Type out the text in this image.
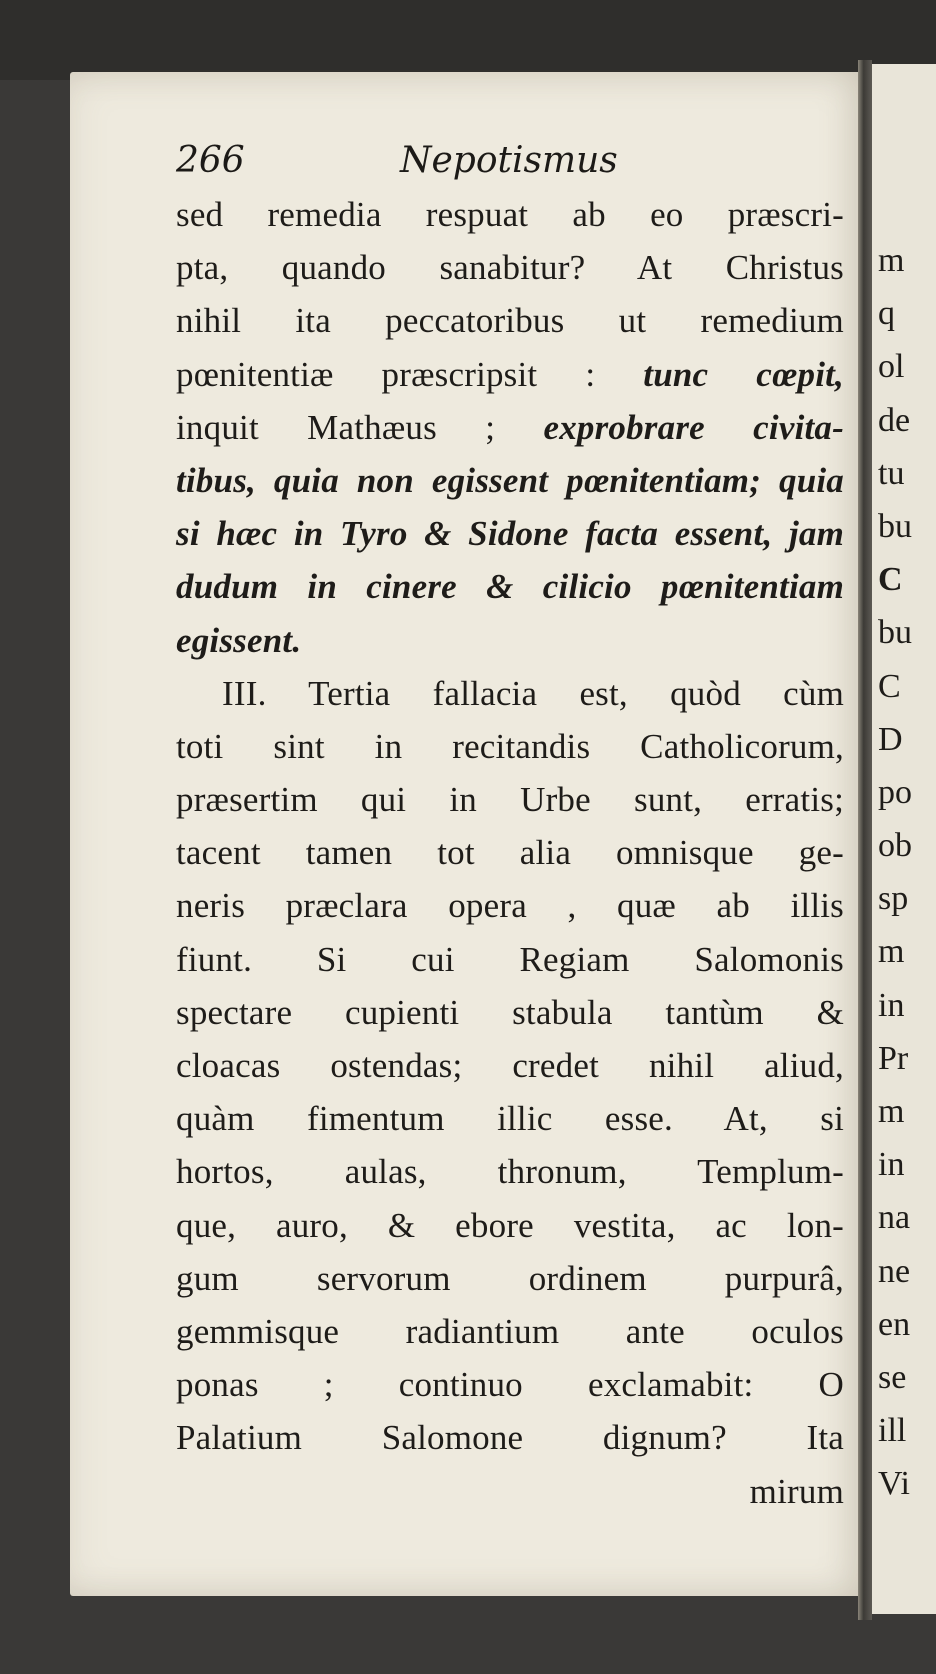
m
q
ol
de
tu
bu
C
bu
C
D
po
ob
sp
m
in
Pr
m
in
na
ne
en
se
ill
Vi
266	Nepotismus
sed remedia respuat ab eo præscri-
pta, quando sanabitur? At Christus
nihil ita peccatoribus ut remedium
pœnitentiæ præscripsit : tunc cœpit,
inquit Mathæus ; exprobrare civita-
tibus, quia non egissent pœnitentiam; quia
si hæc in Tyro & Sidone facta essent, jam
dudum in cinere & cilicio pœnitentiam
egissent.
III. Tertia fallacia est, quòd cùm
toti sint in recitandis Catholicorum,
præsertim qui in Urbe sunt, erratis;
tacent tamen tot alia omnisque ge-
neris præclara opera , quæ ab illis
fiunt. Si cui Regiam Salomonis
spectare cupienti stabula tantùm &
cloacas ostendas; credet nihil aliud,
quàm fimentum illic esse. At, si
hortos, aulas, thronum, Templum-
que, auro, & ebore vestita, ac lon-
gum servorum ordinem purpurâ,
gemmisque radiantium ante oculos
ponas ; continuo exclamabit: O
Palatium Salomone dignum? Ita
mirum
